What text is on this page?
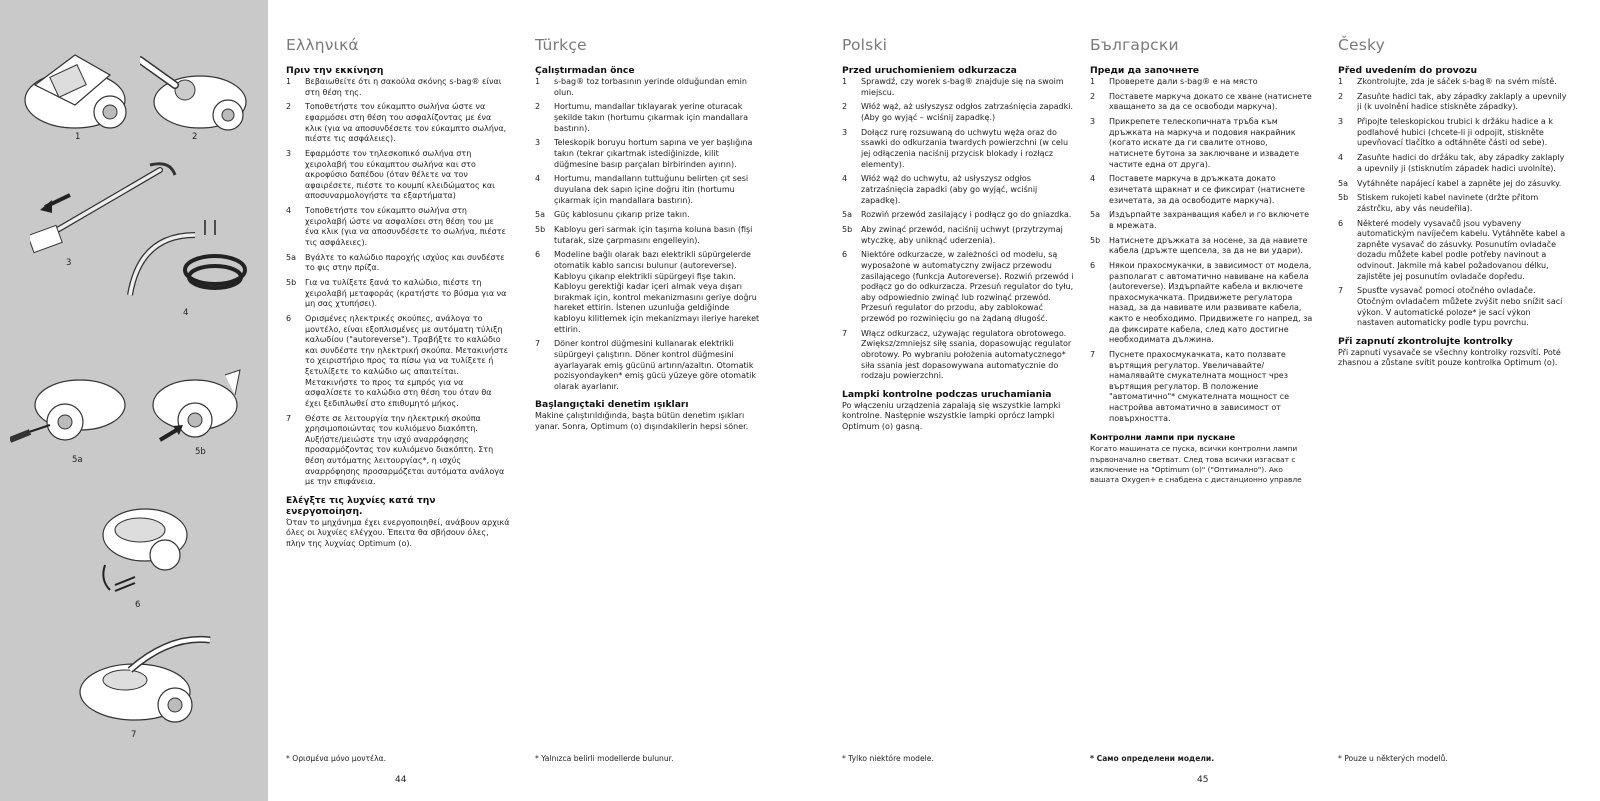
1	2
3
4
5a
5b
6
7
Ελληνικά
Πριν την εκκίνηση
1	Βεβαιωθείτε ότι η σακούλα σκόνης s-bag® είναι στη θέση της.
2	Τοποθετήστε τον εύκαμπτο σωλήνα ώστε να εφαρμόσει στη θέση του ασφαλίζοντας με ένα κλικ (για να αποσυνδέσετε τον εύκαμπτο σωλήνα, πιέστε τις ασφάλειες).
3	Εφαρμόστε τον τηλεσκοπικό σωλήνα στη χειρολαβή του εύκαμπτου σωλήνα και στο ακροφύσιο δαπέδου (όταν θέλετε να τον αφαιρέσετε, πιέστε το κουμπί κλειδώματος και αποσυναρμολογήστε τα εξαρτήματα)
4	Τοποθετήστε τον εύκαμπτο σωλήνα στη χειρολαβή ώστε να ασφαλίσει στη θέση του με ένα κλικ (για να αποσυνδέσετε το σωλήνα, πιέστε τις ασφάλειες).
5a	Βγάλτε το καλώδιο παροχής ισχύος και συνδέστε το φις στην πρίζα.
5b	Για να τυλίξετε ξανά το καλώδιο, πιέστε τη χειρολαβή μεταφοράς (κρατήστε το βύσμα για να μη σας χτυπήσει).
6	Ορισμένες ηλεκτρικές σκούπες, ανάλογα το μοντέλο, είναι εξοπλισμένες με αυτόματη τύλιξη καλωδίου ("autoreverse"). Τραβήξτε το καλώδιο και συνδέστε την ηλεκτρική σκούπα. Μετακινήστε το χειριστήριο προς τα πίσω για να τυλίξετε ή ξετυλίξετε το καλώδιο ως απαιτείται. Μετακινήστε το προς τα εμπρός για να ασφαλίσετε το καλώδιο στη θέση του όταν θα έχει ξεδιπλωθεί στο επιθυμητό μήκος.
7	Θέστε σε λειτουργία την ηλεκτρική σκούπα χρησιμοποιώντας τον κυλιόμενο διακόπτη. Αυξήστε/μειώστε την ισχύ αναρρόφησης προσαρμόζοντας τον κυλιόμενο διακόπτη. Στη θέση αυτόματης λειτουργίας*, η ισχύς αναρρόφησης προσαρμόζεται αυτόματα ανάλογα με την επιφάνεια.
Ελέγξτε τις λυχνίες κατά την ενεργοποίηση.

Όταν το μηχάνημα έχει ενεργοποιηθεί, ανάβουν αρχικά όλες οι λυχνίες ελέγχου. Έπειτα θα σβήσουν όλες, πλην της λυχνίας Optimum (o).

* Ορισμένα μόνο μοντέλα.
44
Türkçe
Çalıştırmadan önce
1	s-bag® toz torbasının yerinde olduğundan emin olun.
2	Hortumu, mandallar tıklayarak yerine oturacak şekilde takın (hortumu çıkarmak için mandallara bastırın).
3	Teleskopik boruyu hortum sapına ve yer başlığına takın (tekrar çıkartmak istediğinizde, kilit düğmesine basıp parçaları birbirinden ayırın).
4	Hortumu, mandalların tuttuğunu belirten çıt sesi duyulana dek sapın içine doğru itin (hortumu çıkarmak için mandallara bastırın).
5a	Güç kablosunu çıkarıp prize takın.
5b	Kabloyu geri sarmak için taşıma koluna basın (fişi tutarak, size çarpmasını engelleyin).
6	Modeline bağlı olarak bazı elektrikli süpürgelerde otomatik kablo sarıcısı bulunur (autoreverse). Kabloyu çıkarıp elektrikli süpürgeyi fişe takın. Kabloyu gerektiği kadar içeri almak veya dışarı bırakmak için, kontrol mekanizmasını geriye doğru hareket ettirin. İstenen uzunluğa geldiğinde kabloyu kilitlemek için mekanizmayı ileriye hareket ettirin.
7	Döner kontrol düğmesini kullanarak elektrikli süpürgeyi çalıştırın. Döner kontrol düğmesini ayarlayarak emiş gücünü artırın/azaltın. Otomatik pozisyondayken* emiş gücü yüzeye göre otomatik olarak ayarlanır.
Başlangıçtaki denetim ışıkları

Makine çalıştırıldığında, başta bütün denetim ışıkları yanar. Sonra, Optimum (o) dışındakilerin hepsi söner.

* Yalnızca belirli modellerde bulunur.
Polski
Przed uruchomieniem odkurzacza
1	Sprawdź, czy worek s-bag® znajduje się na swoim miejscu.
2	Włóż wąż, aż usłyszysz odgłos zatrzaśnięcia zapadki. (Aby go wyjąć – wciśnij zapadkę.)
3	Dołącz rurę rozsuwaną do uchwytu węża oraz do ssawki do odkurzania twardych powierzchni (w celu jej odłączenia naciśnij przycisk blokady i rozłącz elementy).
4	Włóż wąż do uchwytu, aż usłyszysz odgłos zatrzaśnięcia zapadki (aby go wyjąć, wciśnij zapadkę).
5a	Rozwiń przewód zasilający i podłącz go do gniazdka.
5b	Aby zwinąć przewód, naciśnij uchwyt (przytrzymaj wtyczkę, aby uniknąć uderzenia).
6	Niektóre odkurzacze, w zależności od modelu, są wyposażone w automatyczny zwijacz przewodu zasilającego (funkcja Autoreverse). Rozwiń przewód i podłącz go do odkurzacza. Przesuń regulator do tyłu, aby odpowiednio zwinąć lub rozwinąć przewód. Przesuń regulator do przodu, aby zablokować przewód po rozwinięciu go na żądaną długość.
7	Włącz odkurzacz, używając regulatora obrotowego. Zwiększ/zmniejsz siłę ssania, dopasowując regulator obrotowy. Po wybraniu położenia automatycznego* siła ssania jest dopasowywana automatycznie do rodzaju powierzchni.
Lampki kontrolne podczas uruchamiania

Po włączeniu urządzenia zapalają się wszystkie lampki kontrolne. Następnie wszystkie lampki oprócz lampki Optimum (o) gasną.

* Tylko niektóre modele.
Български
Преди да започнете
1	Проверете дали s-bag® е на място
2	Поставете маркуча докато се хване (натиснете хващането за да се освободи маркуча).
3	Прикрепете телескопичната тръба към дръжката на маркуча и подовия накрайник (когато искате да ги свалите отново, натиснете бутона за заключване и извадете частите една от друга).
4	Поставете маркуча в дръжката докато езичетата щракнат и се фиксират (натиснете езичетата, за да освободите маркуча).
5a	Издърпайте захранващия кабел и го включете в мрежата.
5b	Натиснете дръжката за носене, за да навиете кабела (дръжте щепсела, за да не ви удари).
6	Някои прахосмукачки, в зависимост от модела, разполагат с автоматично навиване на кабела (autoreverse). Издърпайте кабела и включете прахосмукачката. Придвижете регулатора назад, за да навивате или развивате кабела, както е необходимо. Придвижете го напред, за да фиксирате кабела, след като достигне необходимата дължина.
7	Пуснете прахосмукачката, като ползвате въртящия регулатор. Увеличавайте/намалявайте смукателната мощност чрез въртящия регулатор. В положение "автоматично"* смукателната мощност се настройва автоматично в зависимост от повърхността.
Контролни лампи при пускане

Когато машината се пуска, всички контролни лампи първоначално светват. След това всички изгасват с изключение на "Optimum (o)" ("Оптимално"). Ако вашата Oxygen+ е снабдена с дистанционно управле

* Само определени модели.
45
Česky
Před uvedením do provozu
1	Zkontrolujte, zda je sáček s-bag® na svém místě.
2	Zasuňte hadici tak, aby západky zaklaply a upevnily ji (k uvolnění hadice stiskněte západky).
3	Připojte teleskopickou trubici k držáku hadice a k podlahové hubici (chcete-li ji odpojit, stiskněte upevňovací tlačítko a odtáhněte části od sebe).
4	Zasuňte hadici do držáku tak, aby západky zaklaply a upevnily ji (stisknutím západek hadici uvolníte).
5a	Vytáhněte napájecí kabel a zapněte jej do zásuvky.
5b	Stiskem rukojeti kabel navinete (držte přitom zástrčku, aby vás neudeřila).
6	Některé modely vysavačů jsou vybaveny automatickým navíječem kabelu. Vytáhněte kabel a zapněte vysavač do zásuvky. Posunutím ovladače dozadu můžete kabel podle potřeby navinout a odvinout. Jakmile má kabel požadovanou délku, zajistěte jej posunutím ovladače dopředu.
7	Spusťte vysavač pomocí otočného ovladače. Otočným ovladačem můžete zvýšit nebo snížit sací výkon. V automatické poloze* je sací výkon nastaven automaticky podle typu povrchu.
Při zapnutí zkontrolujte kontrolky

Při zapnutí vysavače se všechny kontrolky rozsvítí. Poté zhasnou a zůstane svítit pouze kontrolka Optimum (o).

* Pouze u některých modelů.
